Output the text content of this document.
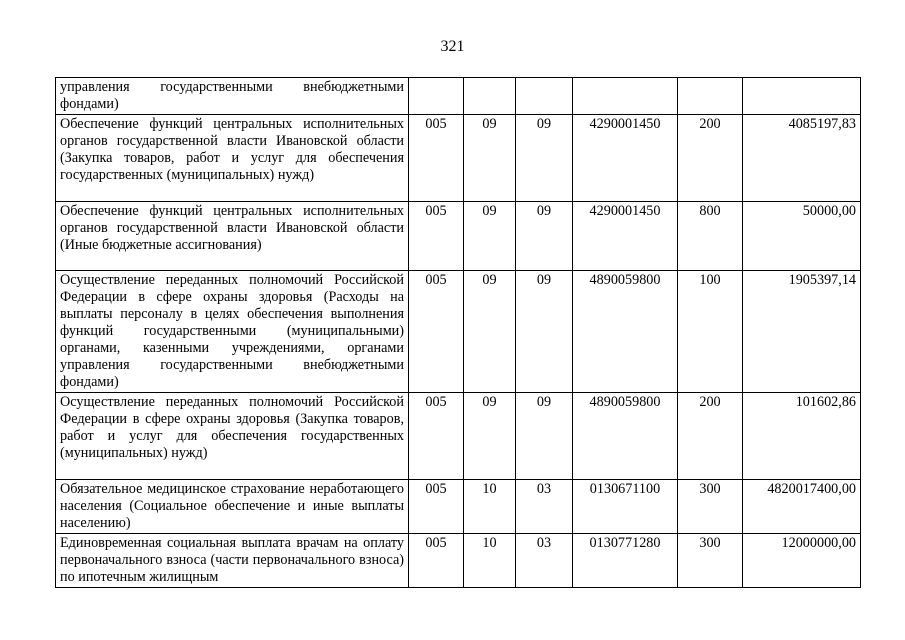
321
управления государственными внебюджетными фондами)						
Обеспечение функций центральных исполнительных органов государственной власти Ивановской области (Закупка товаров, работ и услуг для обеспечения государственных (муниципальных) нужд)	005	09	09	4290001450	200	4085197,83
Обеспечение функций центральных исполнительных органов государственной власти Ивановской области (Иные бюджетные ассигнования)	005	09	09	4290001450	800	50000,00
Осуществление переданных полномочий Российской Федерации в сфере охраны здоровья (Расходы на выплаты персоналу в целях обеспечения выполнения функций государственными (муниципальными) органами, казенными учреждениями, органами управления государственными внебюджетными фондами)	005	09	09	4890059800	100	1905397,14
Осуществление переданных полномочий Российской Федерации в сфере охраны здоровья (Закупка товаров, работ и услуг для обеспечения государственных (муниципальных) нужд)	005	09	09	4890059800	200	101602,86
Обязательное медицинское страхование неработающего населения (Социальное обеспечение и иные выплаты населению)	005	10	03	0130671100	300	4820017400,00
Единовременная социальная выплата врачам на оплату первоначального взноса (части первоначального взноса) по ипотечным жилищным	005	10	03	0130771280	300	12000000,00
